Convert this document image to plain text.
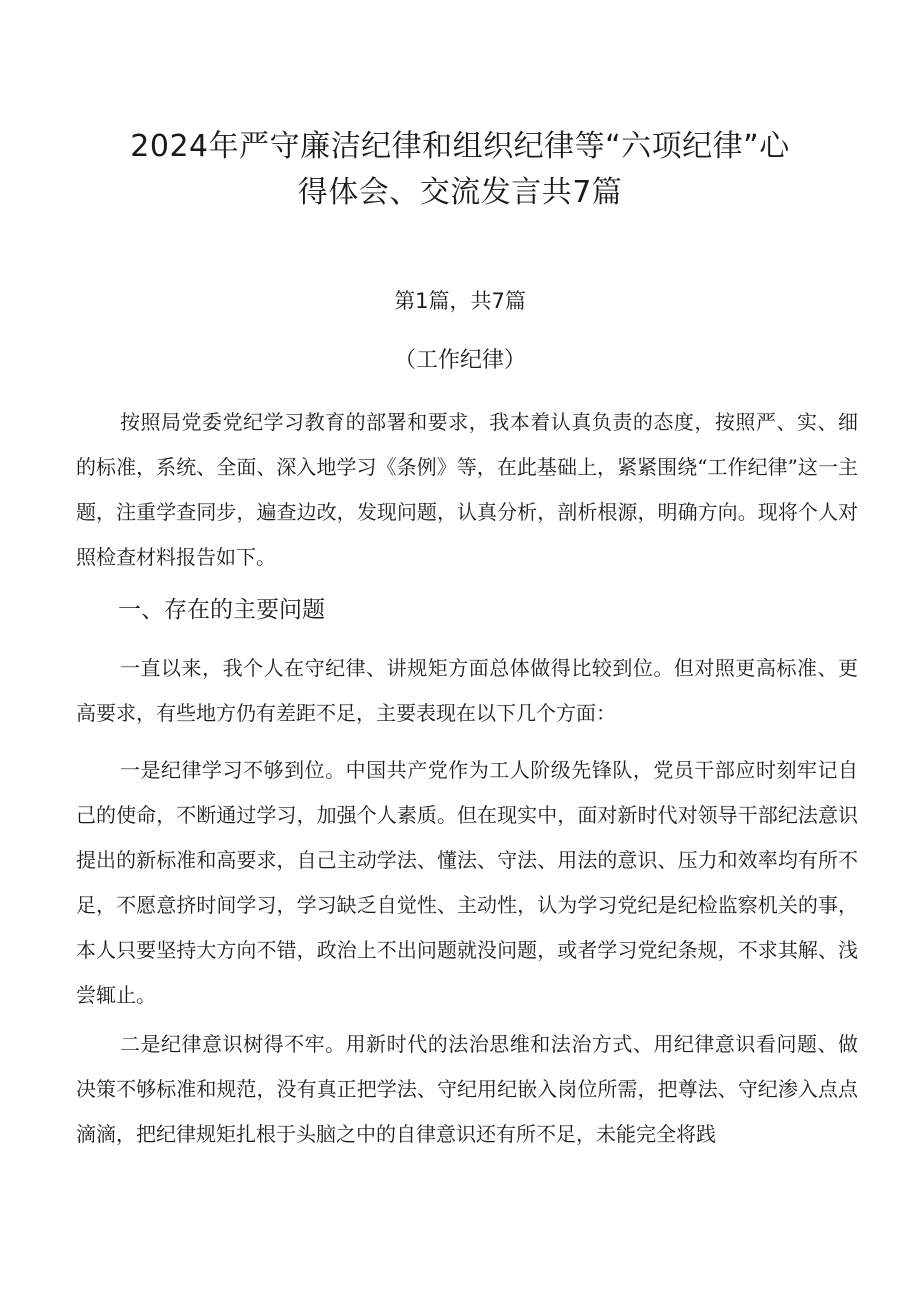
2024年严守廉洁纪律和组织纪律等“六项纪律”心
得体会、交流发言共7篇
第1篇，共7篇
（工作纪律）

按照局党委党纪学习教育的部署和要求，我本着认真负责的态度，按照严、实、细的标准，系统、全面、深入地学习《条例》等，在此基础上，紧紧围绕“工作纪律”这一主题，注重学查同步，遍查边改，发现问题，认真分析，剖析根源，明确方向。现将个人对照检查材料报告如下。

一、存在的主要问题

一直以来，我个人在守纪律、讲规矩方面总体做得比较到位。但对照更高标准、更高要求，有些地方仍有差距不足，主要表现在以下几个方面：

一是纪律学习不够到位。中国共产党作为工人阶级先锋队，党员干部应时刻牢记自己的使命，不断通过学习，加强个人素质。但在现实中，面对新时代对领导干部纪法意识提出的新标准和高要求，自己主动学法、懂法、守法、用法的意识、压力和效率均有所不足，不愿意挤时间学习，学习缺乏自觉性、主动性，认为学习党纪是纪检监察机关的事，本人只要坚持大方向不错，政治上不出问题就没问题，或者学习党纪条规，不求其解、浅尝辄止。

二是纪律意识树得不牢。用新时代的法治思维和法治方式、用纪律意识看问题、做决策不够标准和规范，没有真正把学法、守纪用纪嵌入岗位所需，把尊法、守纪渗入点点滴滴，把纪律规矩扎根于头脑之中的自律意识还有所不足，未能完全将践
